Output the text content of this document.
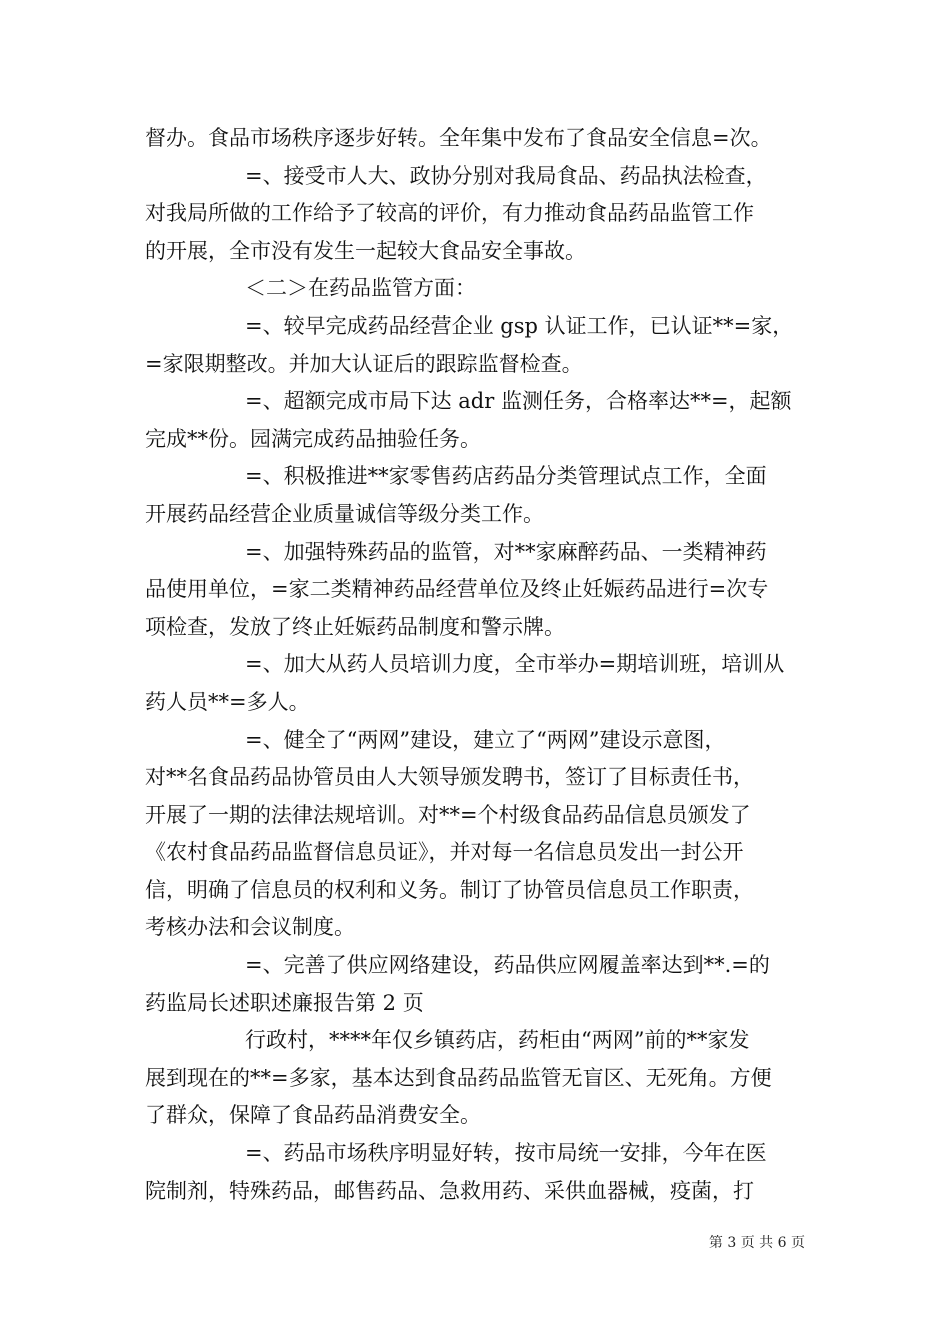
督办。食品市场秩序逐步好转。全年集中发布了食品安全信息=次。
=、接受市人大、政协分别对我局食品、药品执法检查，
对我局所做的工作给予了较高的评价，有力推动食品药品监管工作
的开展，全市没有发生一起较大食品安全事故。
＜二＞在药品监管方面：
=、较早完成药品经营企业 gsp 认证工作，已认证**=家，
=家限期整改。并加大认证后的跟踪监督检查。
=、超额完成市局下达 adr 监测任务，合格率达**=，起额
完成**份。园满完成药品抽验任务。
=、积极推进**家零售药店药品分类管理试点工作，全面
开展药品经营企业质量诚信等级分类工作。
=、加强特殊药品的监管，对**家麻醉药品、一类精神药
品使用单位，=家二类精神药品经营单位及终止妊娠药品进行=次专
项检查，发放了终止妊娠药品制度和警示牌。
=、加大从药人员培训力度，全市举办=期培训班，培训从
药人员**=多人。
=、健全了“两网”建设，建立了“两网”建设示意图，
对**名食品药品协管员由人大领导颁发聘书，签订了目标责任书，
开展了一期的法律法规培训。对**=个村级食品药品信息员颁发了
《农村食品药品监督信息员证》，并对每一名信息员发出一封公开
信，明确了信息员的权利和义务。制订了协管员信息员工作职责，
考核办法和会议制度。
=、完善了供应网络建设，药品供应网履盖率达到**.=的
药监局长述职述廉报告第 2 页
行政村，****年仅乡镇药店，药柜由“两网”前的**家发
展到现在的**=多家，基本达到食品药品监管无盲区、无死角。方便
了群众，保障了食品药品消费安全。
=、药品市场秩序明显好转，按市局统一安排，今年在医
院制剂，特殊药品，邮售药品、急救用药、采供血器械，疫菌，打
第 3 页 共 6 页
